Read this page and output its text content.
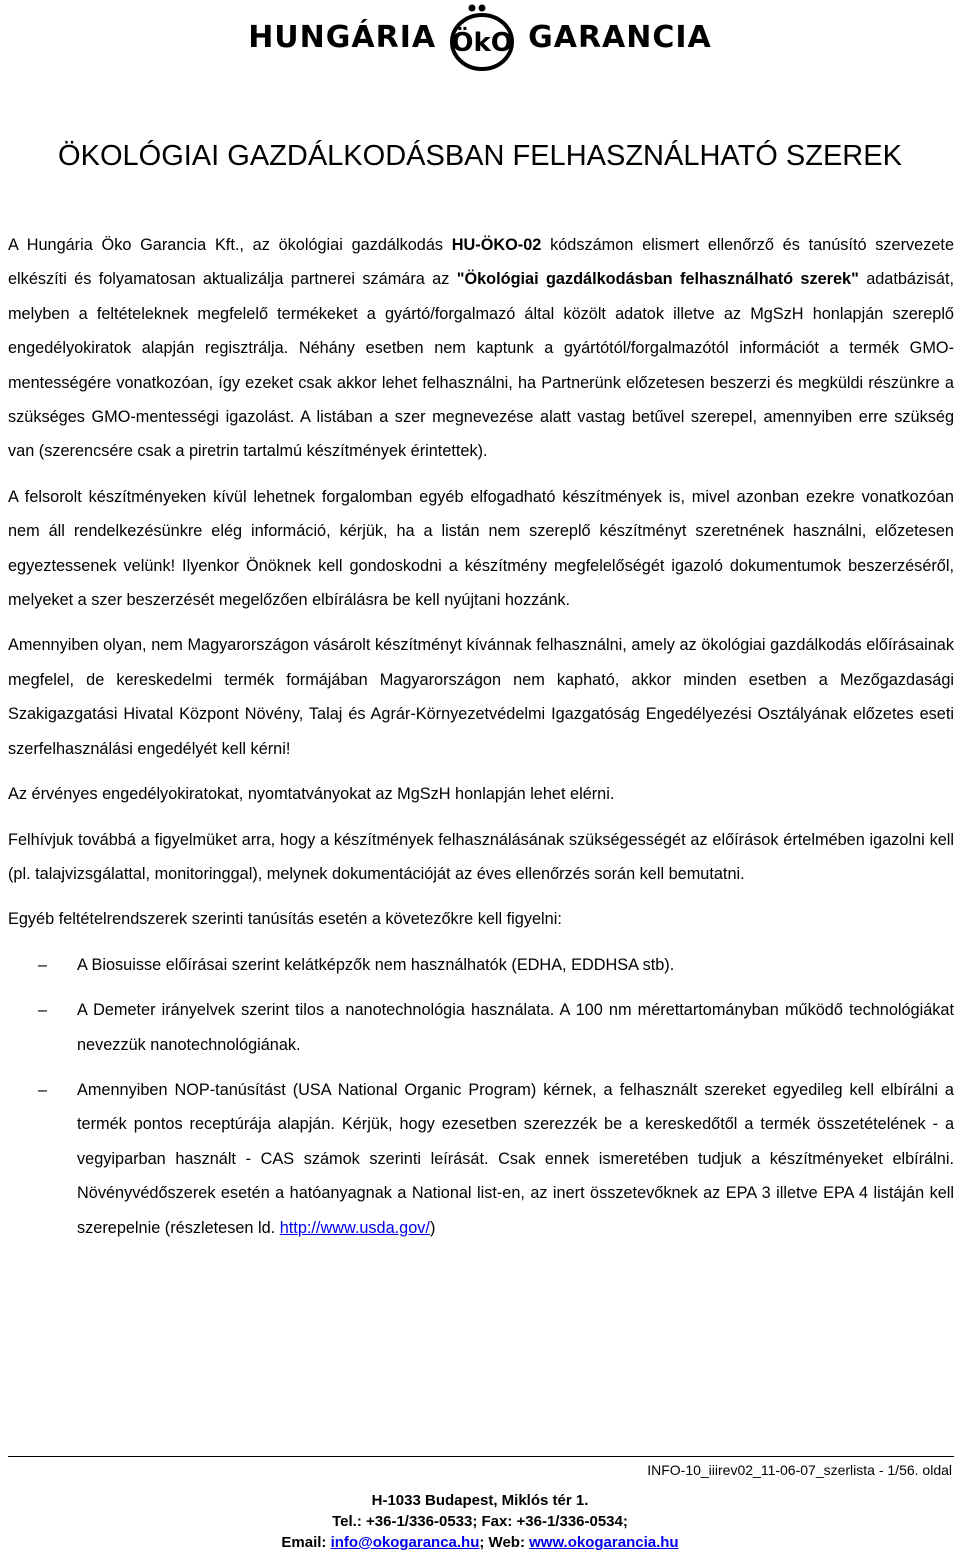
HUNGÁRIA ÖkO GARANCIA
ÖKOLÓGIAI GAZDÁLKODÁSBAN FELHASZNÁLHATÓ SZEREK

A Hungária Öko Garancia Kft., az ökológiai gazdálkodás HU-ÖKO-02 kódszámon elismert ellenőrző és tanúsító szervezete elkészíti és folyamatosan aktualizálja partnerei számára az "Ökológiai gazdálkodásban felhasználható szerek" adatbázisát, melyben a feltételeknek megfelelő termékeket a gyártó/forgalmazó által közölt adatok illetve az MgSzH honlapján szereplő engedélyokiratok alapján regisztrálja. Néhány esetben nem kaptunk a gyártótól/forgalmazótól információt a termék GMO-mentességére vonatkozóan, így ezeket csak akkor lehet felhasználni, ha Partnerünk előzetesen beszerzi és megküldi részünkre a szükséges GMO-mentességi igazolást. A listában a szer megnevezése alatt vastag betűvel szerepel, amennyiben erre szükség van (szerencsére csak a piretrin tartalmú készítmények érintettek).

A felsorolt készítményeken kívül lehetnek forgalomban egyéb elfogadható készítmények is, mivel azonban ezekre vonatkozóan nem áll rendelkezésünkre elég információ, kérjük, ha a listán nem szereplő készítményt szeretnének használni, előzetesen egyeztessenek velünk! Ilyenkor Önöknek kell gondoskodni a készítmény megfelelőségét igazoló dokumentumok beszerzéséről, melyeket a szer beszerzését megelőzően elbírálásra be kell nyújtani hozzánk.

Amennyiben olyan, nem Magyarországon vásárolt készítményt kívánnak felhasználni, amely az ökológiai gazdálkodás előírásainak megfelel, de kereskedelmi termék formájában Magyarországon nem kapható, akkor minden esetben a Mezőgazdasági Szakigazgatási Hivatal Központ Növény, Talaj és Agrár-Környezetvédelmi Igazgatóság Engedélyezési Osztályának előzetes eseti szerfelhasználási engedélyét kell kérni!

Az érvényes engedélyokiratokat, nyomtatványokat az MgSzH honlapján lehet elérni.

Felhívjuk továbbá a figyelmüket arra, hogy a készítmények felhasználásának szükségességét az előírások értelmében igazolni kell (pl. talajvizsgálattal, monitoringgal), melynek dokumentációját az éves ellenőrzés során kell bemutatni.

Egyéb feltételrendszerek szerinti tanúsítás esetén a követezőkre kell figyelni:

– A Biosuisse előírásai szerint kelátképzők nem használhatók (EDHA, EDDHSA stb).
– A Demeter irányelvek szerint tilos a nanotechnológia használata. A 100 nm mérettartományban működő technológiákat nevezzük nanotechnológiának.
– Amennyiben NOP-tanúsítást (USA National Organic Program) kérnek, a felhasznált szereket egyedileg kell elbírálni a termék pontos receptúrája alapján. Kérjük, hogy ezesetben szerezzék be a kereskedőtől a termék összetételének - a vegyiparban használt - CAS számok szerinti leírását. Csak ennek ismeretében tudjuk a készítményeket elbírálni. Növényvédőszerek esetén a hatóanyagnak a National list-en, az inert összetevőknek az EPA 3 illetve EPA 4 listáján kell szerepelnie (részletesen ld. http://www.usda.gov/)
INFO-10_iiirev02_11-06-07_szerlista - 1/56. oldal
H-1033 Budapest, Miklós tér 1.
Tel.: +36-1/336-0533; Fax: +36-1/336-0534;
Email: info@okogaranca.hu; Web: www.okogarancia.hu
